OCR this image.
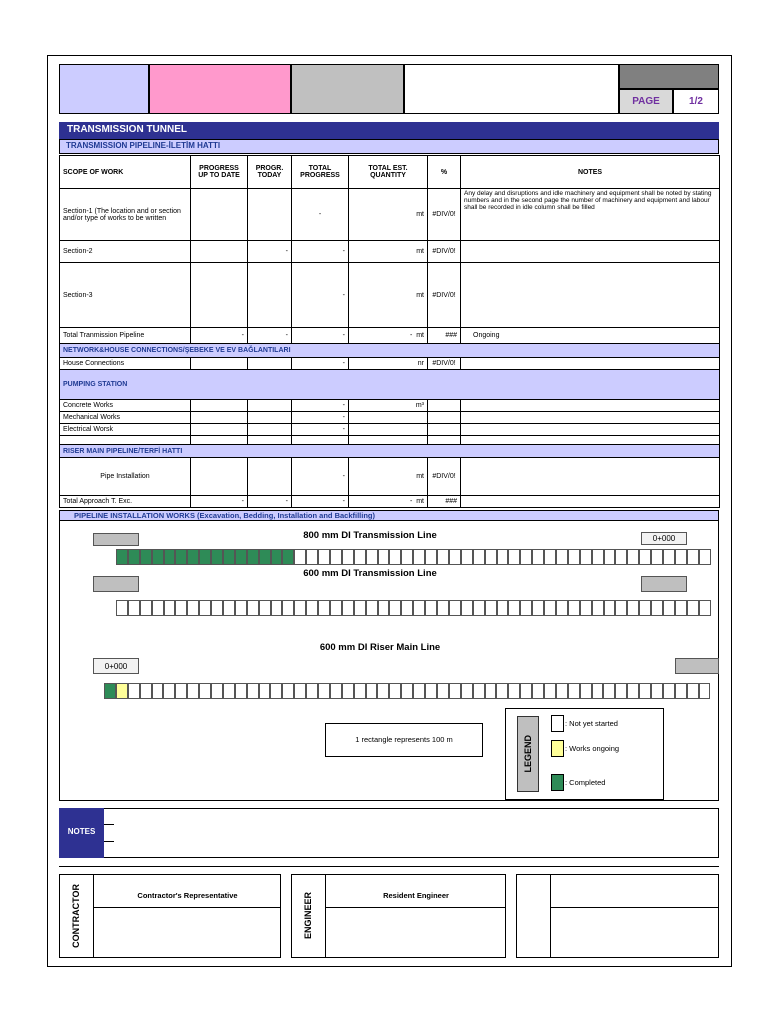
PAGE	1/2
TRANSMISSION TUNNEL
TRANSMISSION PIPELINE-İLETİM HATTI
SCOPE OF WORK	PROGRESS UP TO DATE	PROGR. TODAY	TOTAL PROGRESS	TOTAL EST. QUANTITY	%	NOTES
Section-1 (The location and or section and/or type of works to be written			-	mt	#DIV/0!	Any delay and disruptions and idle machinery and equipment shall be noted by stating numbers and in the second page the number of machinery and equipment and labour shall be recorded in idle column shall be filled
Section-2		-	-	mt	#DIV/0!	
Section-3			-	mt	#DIV/0!	
Total Tranmission Pipeline	-	-	-	- mt	###	Ongoing
NETWORK&HOUSE CONNECTIONS/ŞEBEKE VE EV BAĞLANTILARI						
House Connections			-	nr	#DIV/0!	
PUMPING STATION						
Concrete Works			-	m³		
Mechanical Works			-			
Electrical Worsk			-			

RISER MAIN PIPELINE/TERFİ HATTI						
Pipe Installation			-	mt	#DIV/0!	
Total Approach T. Exc.	-	-	-	- mt	###	
PIPELINE INSTALLATION WORKS (Excavation, Bedding, Installation and Backfilling)
800 mm DI Transmission Line	0+000
600 mm DI Transmission Line
600 mm DI Riser Main Line
0+000
1 rectangle represents 100 m	LEGEND
: Not yet started
: Works ongoing
: Completed
NOTES
CONTRACTOR	Contractor's Representative	ENGINEER	Resident Engineer
